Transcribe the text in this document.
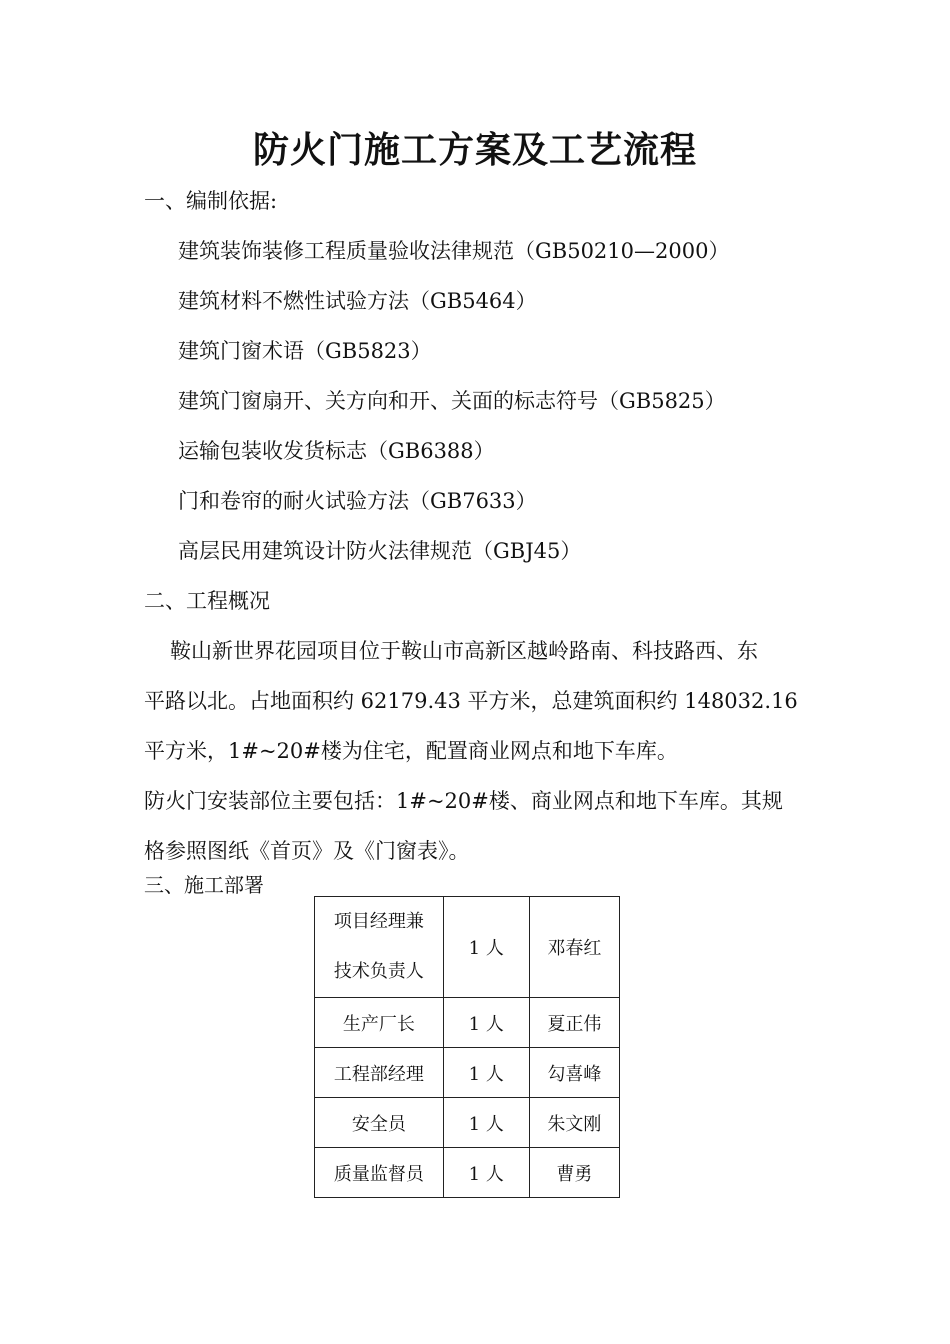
防火门施工方案及工艺流程
一、编制依据:
建筑装饰装修工程质量验收法律规范（GB50210—2000）
建筑材料不燃性试验方法（GB5464）
建筑门窗术语（GB5823）
建筑门窗扇开、关方向和开、关面的标志符号（GB5825）
运输包装收发货标志（GB6388）
门和卷帘的耐火试验方法（GB7633）
高层民用建筑设计防火法律规范（GBJ45）
二、工程概况
鞍山新世界花园项目位于鞍山市高新区越岭路南、科技路西、东
平路以北。占地面积约 62179.43 平方米，总建筑面积约 148032.16
平方米，1#~20#楼为住宅，配置商业网点和地下车库。
防火门安装部位主要包括：1#~20#楼、商业网点和地下车库。其规
格参照图纸《首页》及《门窗表》。
三、施工部署
项目经理兼技术负责人	1 人	邓春红
生产厂长	1 人	夏正伟
工程部经理	1 人	勾喜峰
安全员	1 人	朱文刚
质量监督员	1 人	曹勇
